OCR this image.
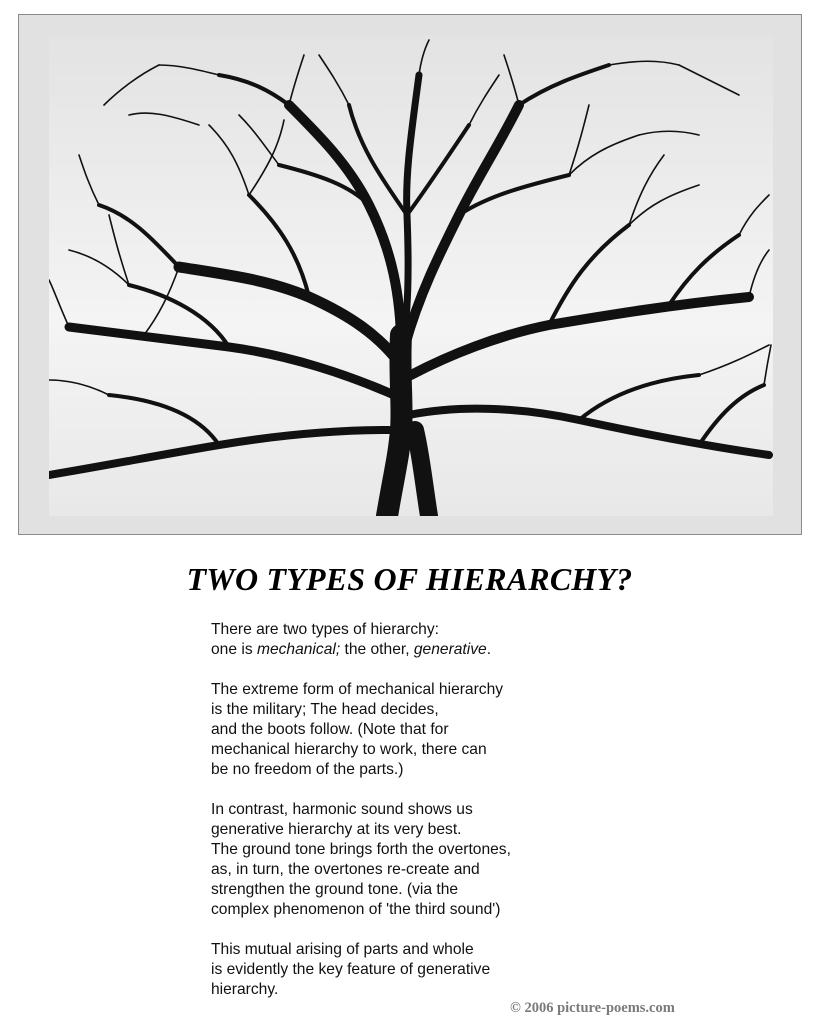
TWO TYPES OF HIERARCHY?
There are two types of hierarchy:
one is mechanical; the other, generative.
The extreme form of mechanical hierarchy
is the military; The head decides,
and the boots follow. (Note that for
mechanical hierarchy to work, there can
be no freedom of the parts.)
In contrast, harmonic sound shows us
generative hierarchy at its very best.
The ground tone brings forth the overtones,
as, in turn, the overtones re-create and
strengthen the ground tone. (via the
complex phenomenon of 'the third sound')
This mutual arising of parts and whole
is evidently the key feature of generative
hierarchy.
© 2006 picture-poems.com
